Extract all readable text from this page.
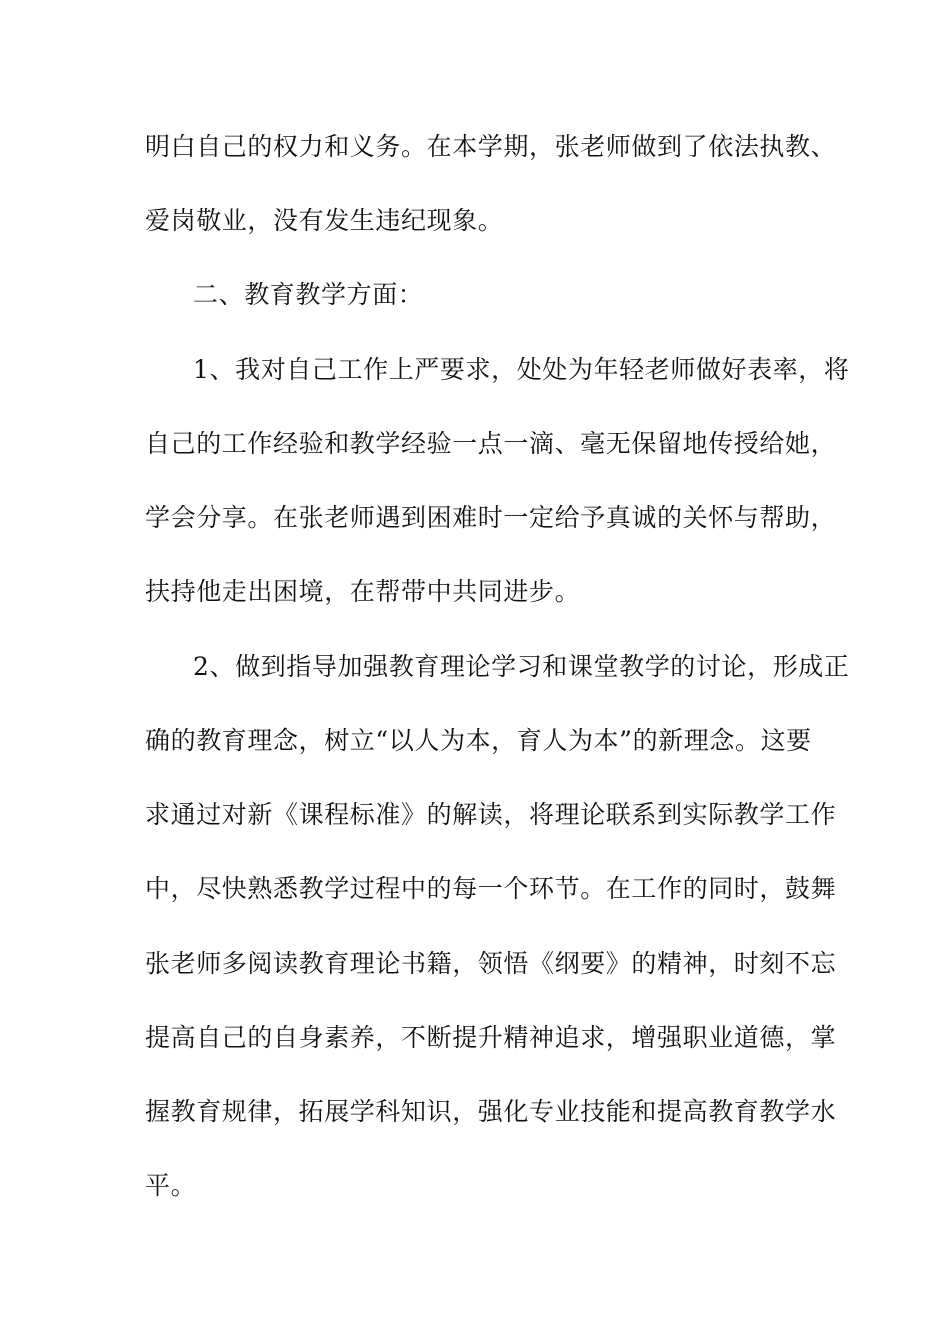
明白自己的权力和义务。在本学期，张老师做到了依法执教、
爱岗敬业，没有发生违纪现象。
二、教育教学方面：
1、我对自己工作上严要求，处处为年轻老师做好表率，将
自己的工作经验和教学经验一点一滴、毫无保留地传授给她，
学会分享。在张老师遇到困难时一定给予真诚的关怀与帮助，
扶持他走出困境，在帮带中共同进步。
2、做到指导加强教育理论学习和课堂教学的讨论，形成正
确的教育理念，树立“以人为本，育人为本”的新理念。这要
求通过对新《课程标准》的解读，将理论联系到实际教学工作
中，尽快熟悉教学过程中的每一个环节。在工作的同时，鼓舞
张老师多阅读教育理论书籍，领悟《纲要》的精神，时刻不忘
提高自己的自身素养，不断提升精神追求，增强职业道德，掌
握教育规律，拓展学科知识，强化专业技能和提高教育教学水
平。
